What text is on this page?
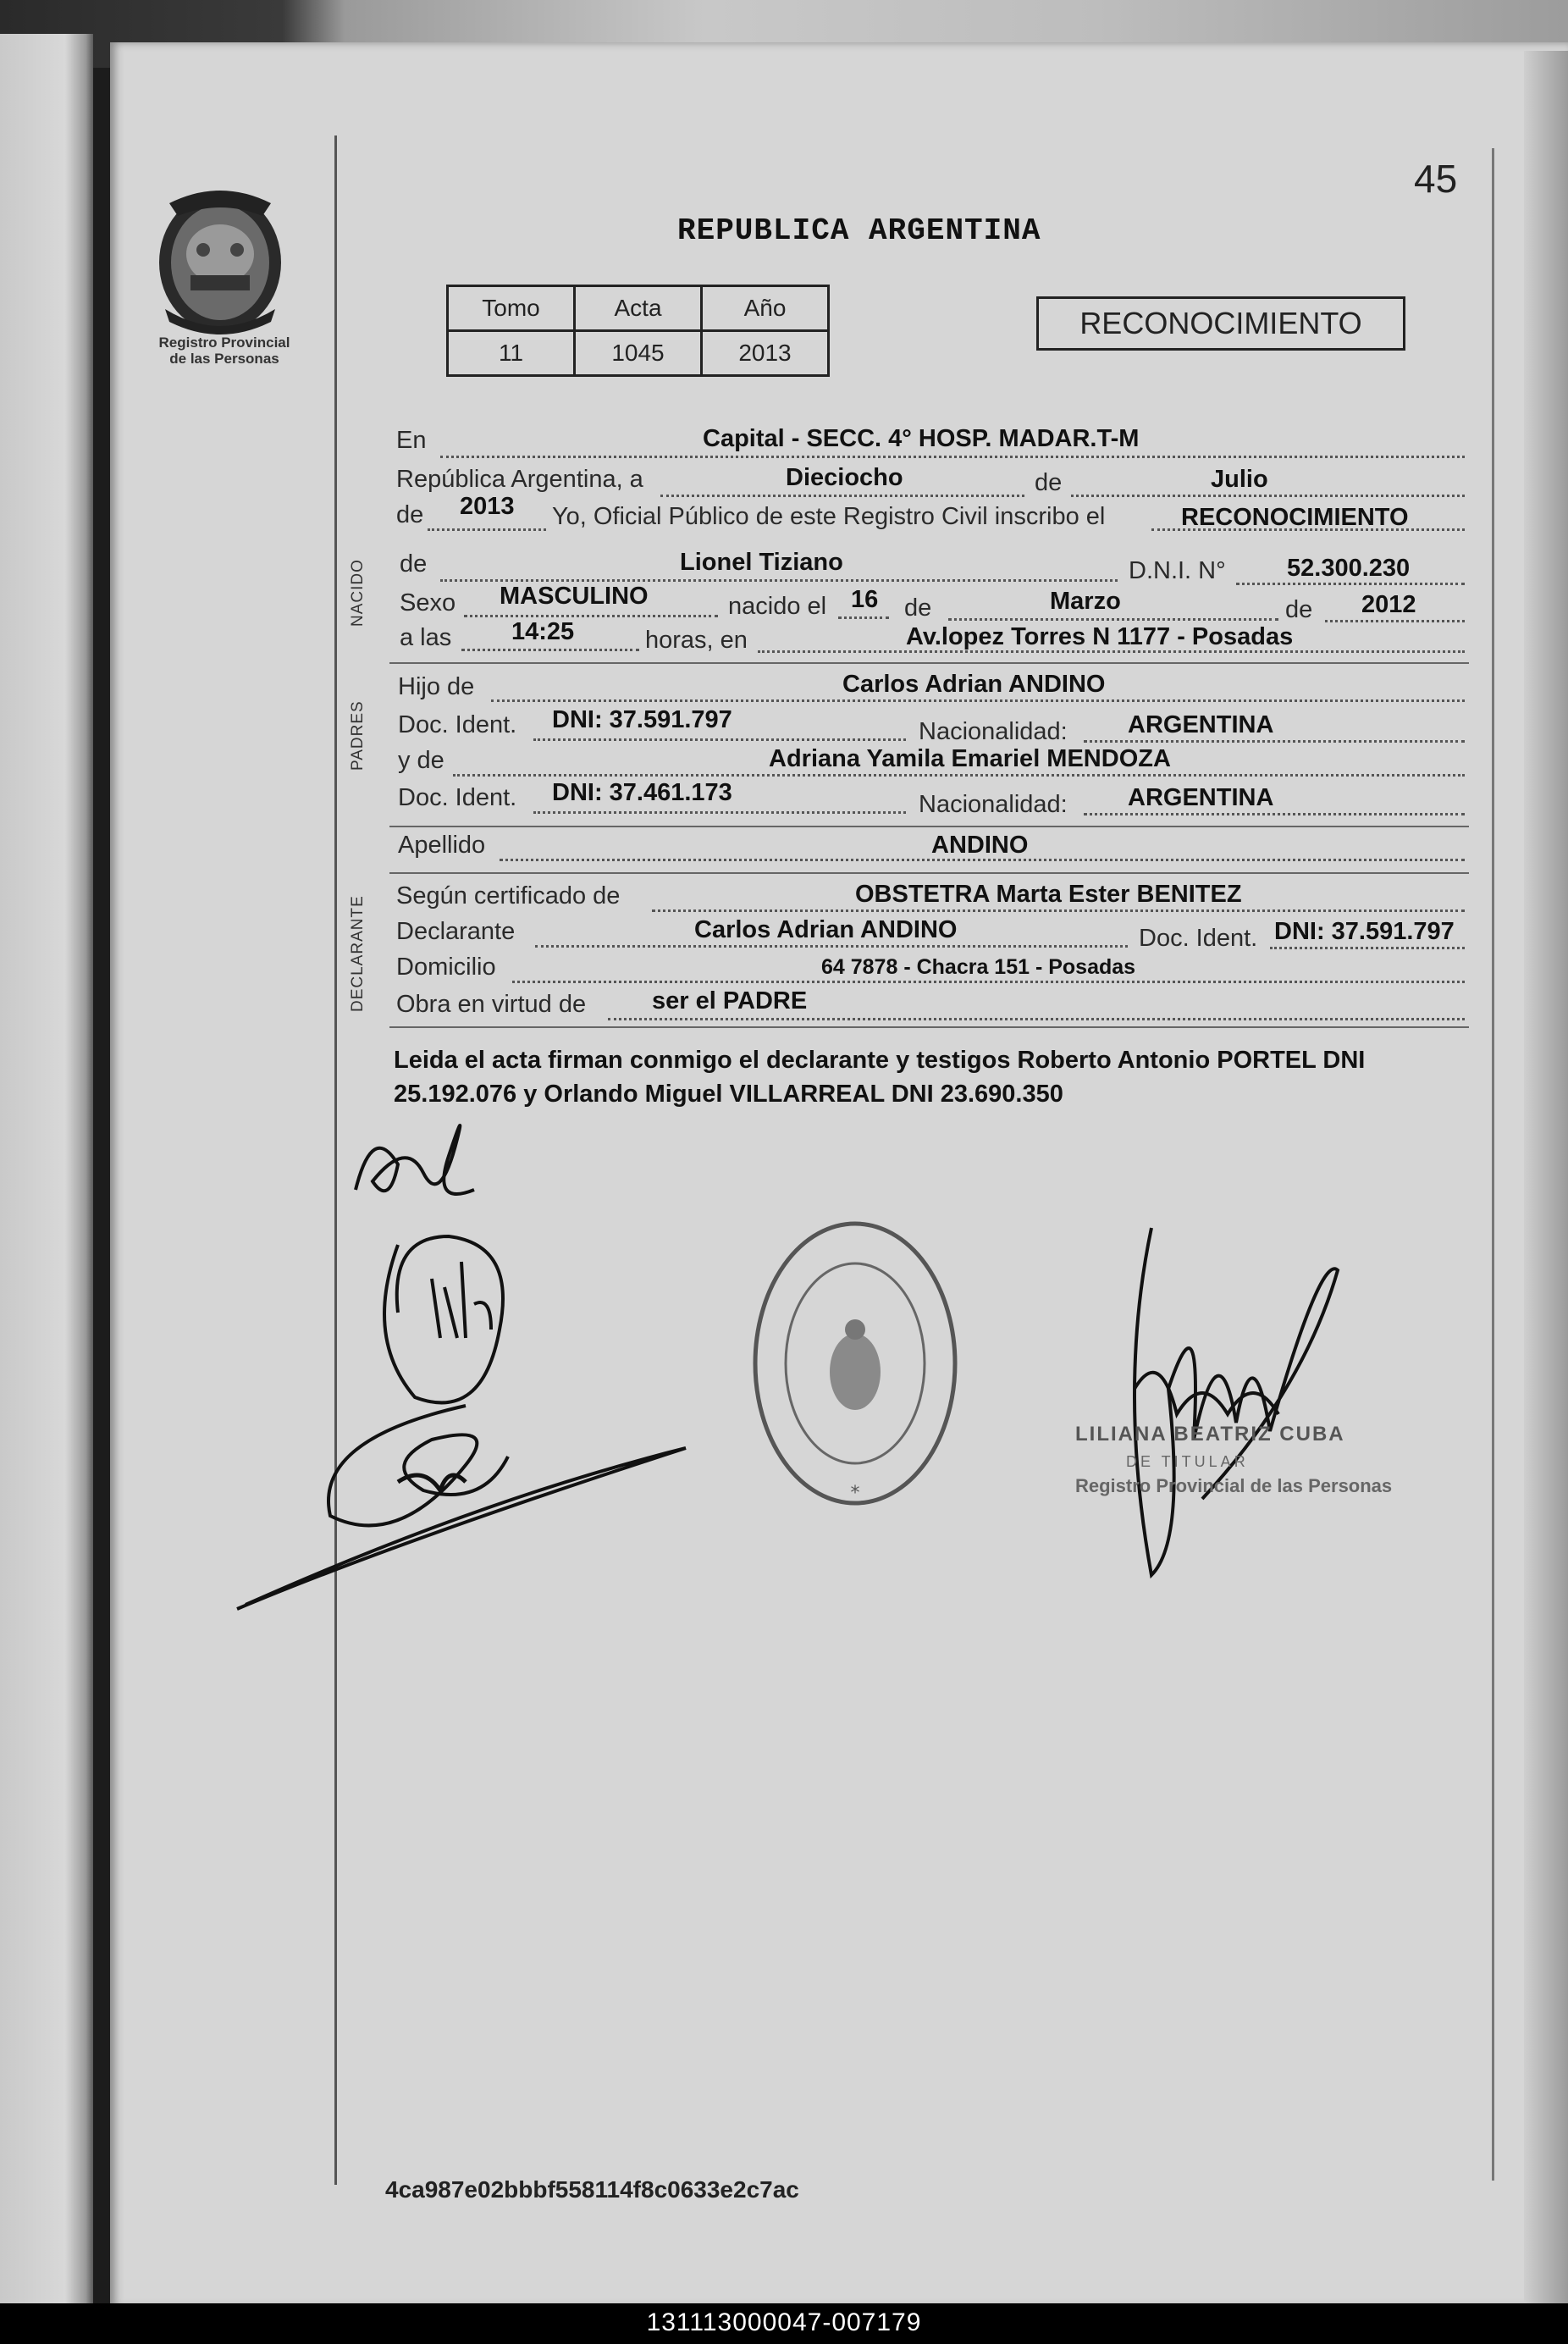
45
Registro Provincial
de las Personas
REPUBLICA ARGENTINA
Tomo	Acta	Año
11	1045	2013
RECONOCIMIENTO
En	Capital - SECC. 4° HOSP. MADAR.T-M
República Argentina, a	Dieciocho	de	Julio
de 2013 Yo, Oficial Público de este Registro Civil inscribo el	RECONOCIMIENTO
NACIDO de	Lionel Tiziano	D.N.I. N° 52.300.230
Sexo MASCULINO	nacido el 16 de	Marzo	de 2012
a las 14:25	horas, en	Av.lopez Torres N 1177 - Posadas
PADRES
Hijo de	Carlos Adrian ANDINO
Doc. Ident. DNI: 37.591.797	Nacionalidad: ARGENTINA
y de	Adriana Yamila Emariel MENDOZA
Doc. Ident. DNI: 37.461.173	Nacionalidad: ARGENTINA
Apellido	ANDINO
DECLARANTE Según certificado de	OBSTETRA Marta Ester BENITEZ
Declarante	Carlos Adrian ANDINO	Doc. Ident. DNI: 37.591.797
Domicilio	64 7878 - Chacra 151 - Posadas
Obra en virtud de	ser el PADRE
Leida el acta firman conmigo el declarante y testigos Roberto Antonio PORTEL DNI 25.192.076 y Orlando Miguel VILLARREAL DNI 23.690.350
*
LILIANA BEATRIZ CUBA
DE TITULAR
Registro Provincial de las Personas
4ca987e02bbbf558114f8c0633e2c7ac
131113000047-007179
